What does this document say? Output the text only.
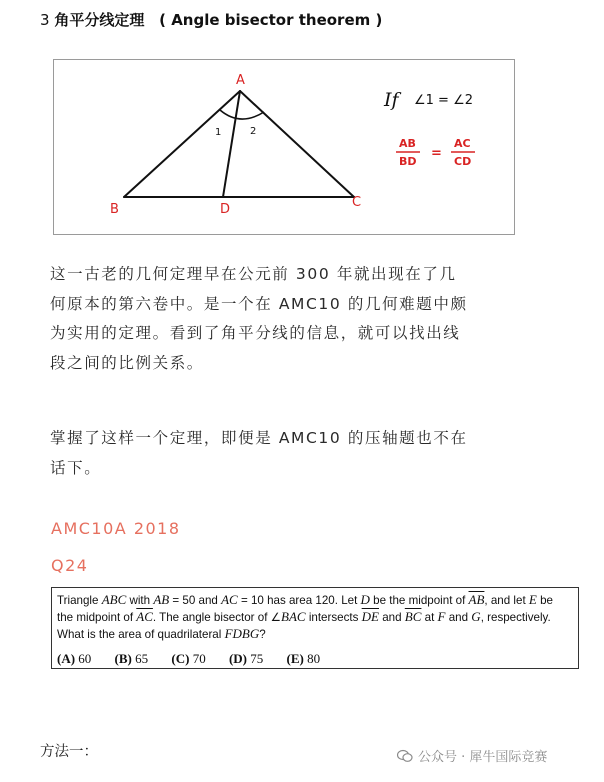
3 角平分线定理 ( Angle bisector theorem )
A
B	D	C
1	2
If ∠1 = ∠2
AB
BD
=
AC
CD
这一古老的几何定理早在公元前 300 年就出现在了几
何原本的第六卷中。是一个在 AMC10 的几何难题中颇
为实用的定理。看到了角平分线的信息，就可以找出线
段之间的比例关系。
掌握了这样一个定理，即便是 AMC10 的压轴题也不在
话下。
AMC10A 2018
Q24
Triangle ABC with AB = 50 and AC = 10 has area 120. Let D be the midpoint of $\overline{AB}$, and let E be
the midpoint of $\overline{AC}$. The angle bisector of ∠BAC intersects $\overline{DE}$ and $\overline{BC}$ at F and G, respectively.
What is the area of quadrilateral FDBG?
(A) 60 (B) 65 (C) 70 (D) 75 (E) 80
方法一：	公众号 · 犀牛国际竞赛
